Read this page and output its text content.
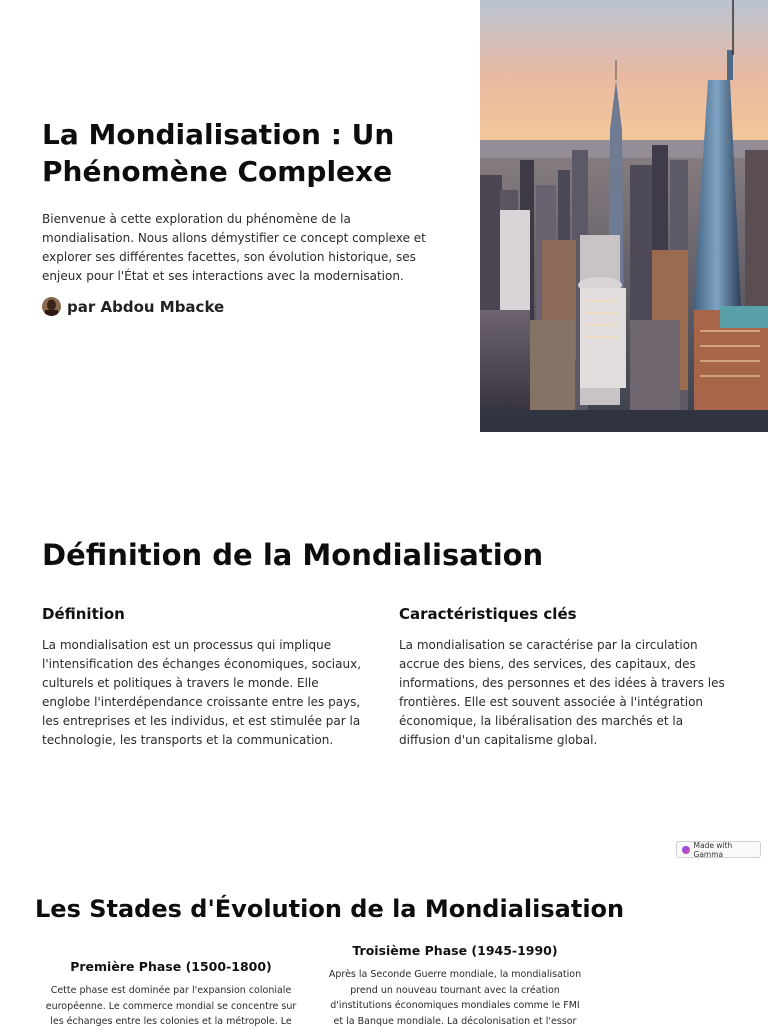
La Mondialisation : Un Phénomène Complexe

Bienvenue à cette exploration du phénomène de la mondialisation. Nous allons démystifier ce concept complexe et explorer ses différentes facettes, son évolution historique, ses enjeux pour l'État et ses interactions avec la modernisation.

par Abdou Mbacke
Définition de la Mondialisation
Définition

La mondialisation est un processus qui implique l'intensification des échanges économiques, sociaux, culturels et politiques à travers le monde. Elle englobe l'interdépendance croissante entre les pays, les entreprises et les individus, et est stimulée par la technologie, les transports et la communication.

Caractéristiques clés

La mondialisation se caractérise par la circulation accrue des biens, des services, des capitaux, des informations, des personnes et des idées à travers les frontières. Elle est souvent associée à l'intégration économique, la libéralisation des marchés et la diffusion d'un capitalisme global.

Made with Gamma
Les Stades d'Évolution de la Mondialisation
Première Phase (1500-1800)

Cette phase est dominée par l'expansion coloniale européenne. Le commerce mondial se concentre sur les échanges entre les colonies et la métropole. Le

Troisième Phase (1945-1990)

Après la Seconde Guerre mondiale, la mondialisation prend un nouveau tournant avec la création d'institutions économiques mondiales comme le FMI et la Banque mondiale. La décolonisation et l'essor
